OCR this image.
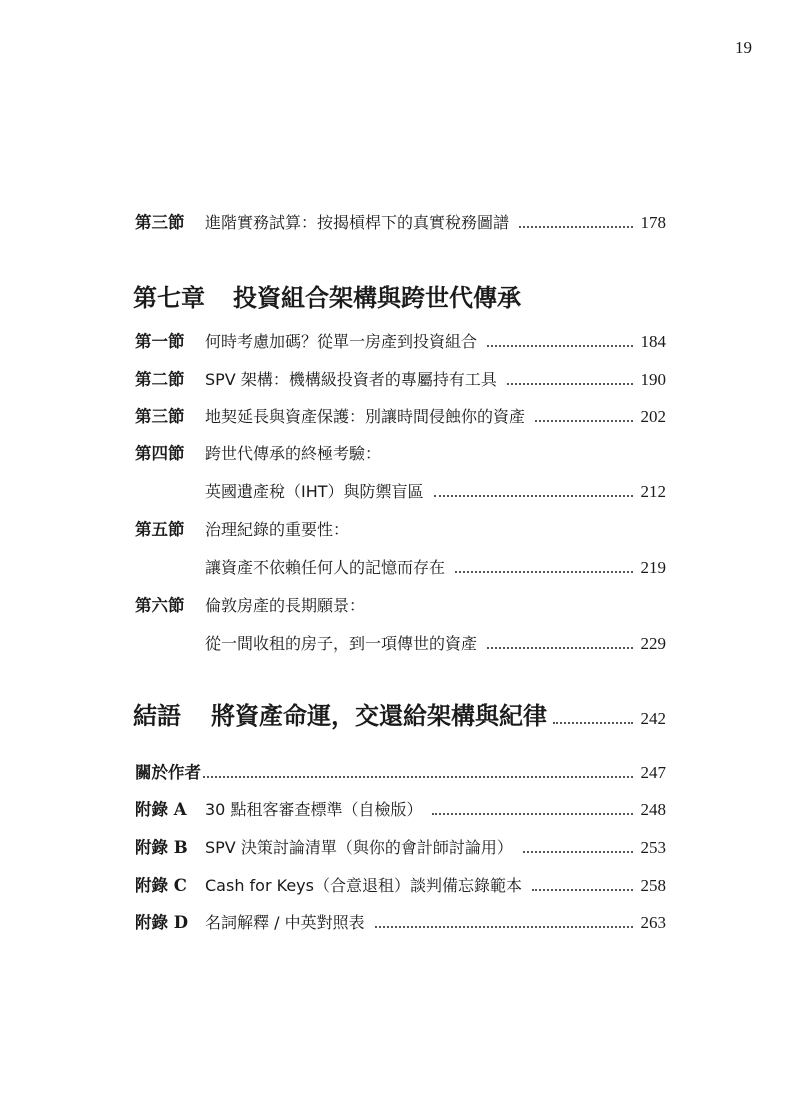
19
第三節	進階實務試算：按揭槓桿下的真實稅務圖譜	178
第七章 投資組合架構與跨世代傳承
第一節	何時考慮加碼？從單一房產到投資組合	184
第二節	SPV 架構：機構級投資者的專屬持有工具	190
第三節	地契延長與資產保護：別讓時間侵蝕你的資產	202
第四節	跨世代傳承的終極考驗：
英國遺產稅（IHT）與防禦盲區	212
第五節	治理紀錄的重要性：
讓資產不依賴任何人的記憶而存在	219
第六節	倫敦房產的長期願景：
從一間收租的房子，到一項傳世的資產	229
結語	將資產命運，交還給架構與紀律	242
關於作者	247
附錄 A	30 點租客審查標準（自檢版）	248
附錄 B	SPV 決策討論清單（與你的會計師討論用）	253
附錄 C	Cash for Keys（合意退租）談判備忘錄範本	258
附錄 D	名詞解釋 / 中英對照表	263
